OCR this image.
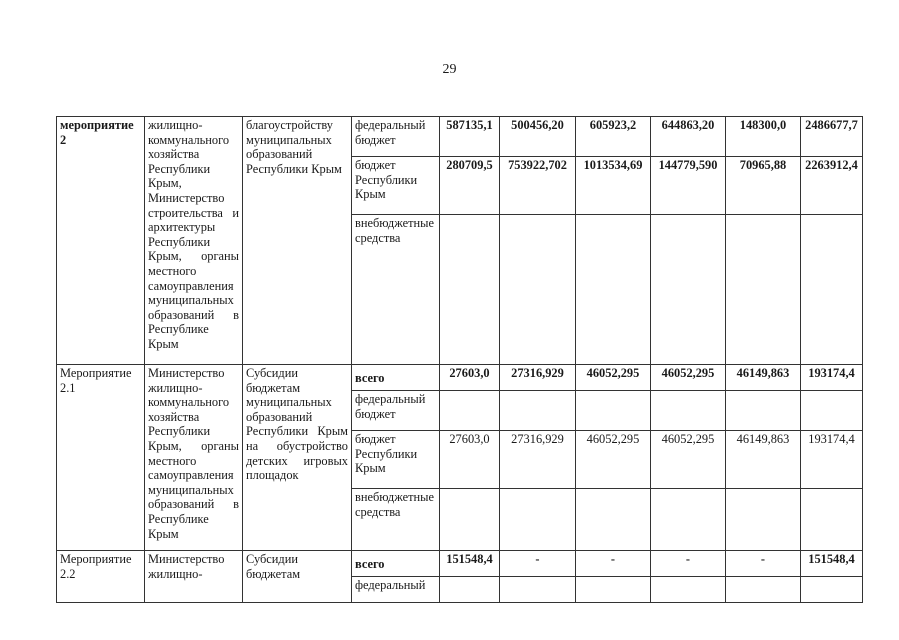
29
мероприятие 2	жилищно-коммунального хозяйства Республики Крым, Министерство строительства и архитектуры Республики Крым, органы местного самоуправления муниципальных образований в Республике Крым	благоустройству муниципальных образований Республики Крым	федеральный бюджет	587135,1	500456,20	605923,2	644863,20	148300,0	2486677,7
			бюджет Республики Крым	280709,5	753922,702	1013534,69	144779,590	70965,88	2263912,4
			внебюджетные средства						
Мероприятие 2.1	Министерство жилищно-коммунального хозяйства Республики Крым, органы местного самоуправления муниципальных образований в Республике Крым	Субсидии бюджетам муниципальных образований Республики Крым на обустройство детских игровых площадок	всего	27603,0	27316,929	46052,295	46052,295	46149,863	193174,4
			федеральный бюджет						
			бюджет Республики Крым	27603,0	27316,929	46052,295	46052,295	46149,863	193174,4
			внебюджетные средства						
Мероприятие 2.2	Министерство жилищно-	Субсидии бюджетам	всего	151548,4	-	-	-	-	151548,4
			федеральный						
